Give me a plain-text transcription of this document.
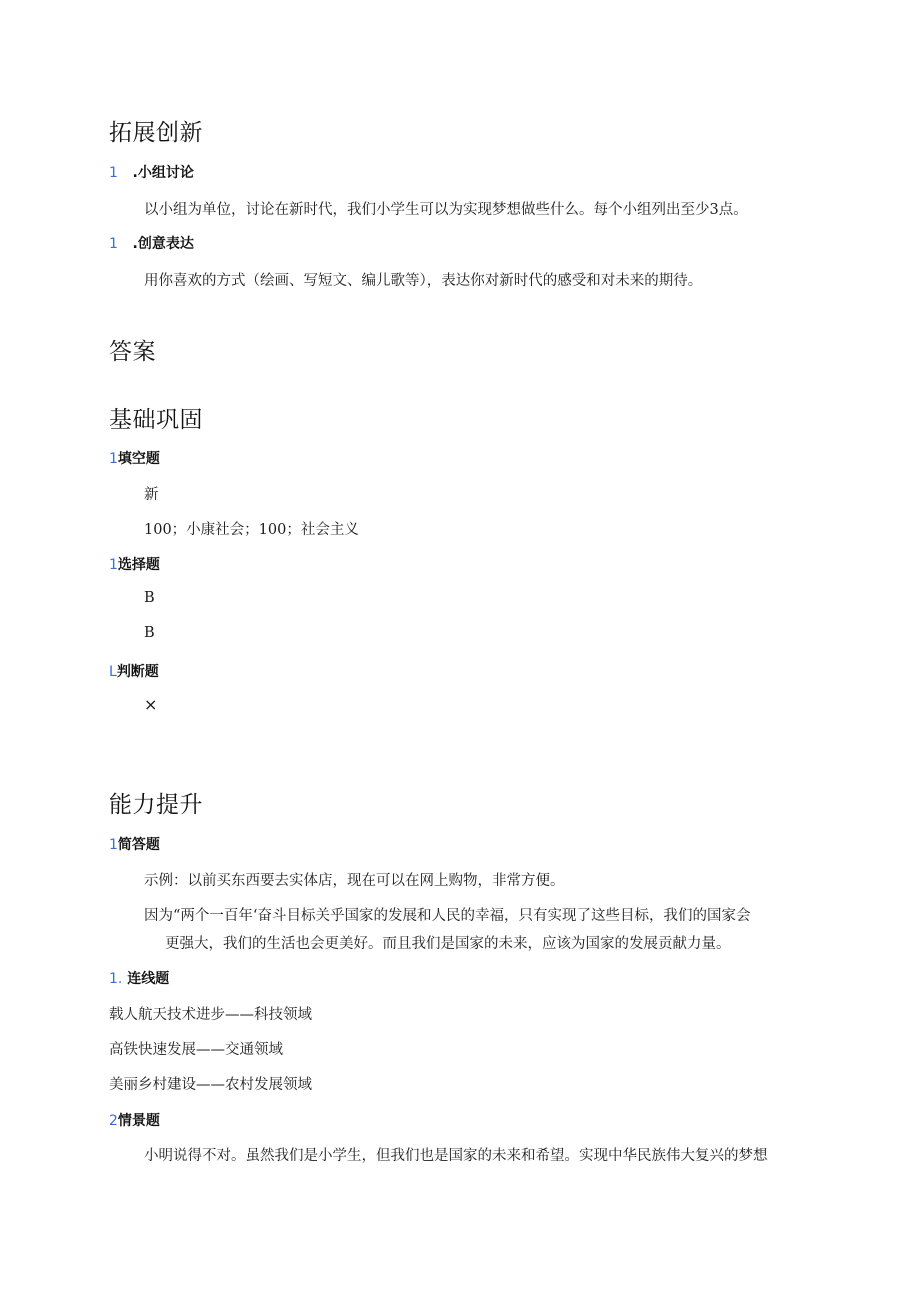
拓展创新
1 .小组讨论

以小组为单位，讨论在新时代，我们小学生可以为实现梦想做些什么。每个小组列出至少3点。

1 .创意表达

用你喜欢的方式（绘画、写短文、编儿歌等），表达你对新时代的感受和对未来的期待。

答案
基础巩固
1填空题

新

100；小康社会；100；社会主义

1选择题

B

B

L判断题

×

能力提升
1简答题

示例：以前买东西要去实体店，现在可以在网上购物，非常方便。

因为“两个一百年‘奋斗目标关乎国家的发展和人民的幸福，只有实现了这些目标，我们的国家会

更强大，我们的生活也会更美好。而且我们是国家的未来，应该为国家的发展贡献力量。

1. 连线题

载人航天技术进步——科技领域

高铁快速发展——交通领域

美丽乡村建设——农村发展领域

2情景题

小明说得不对。虽然我们是小学生，但我们也是国家的未来和希望。实现中华民族伟大复兴的梦想
